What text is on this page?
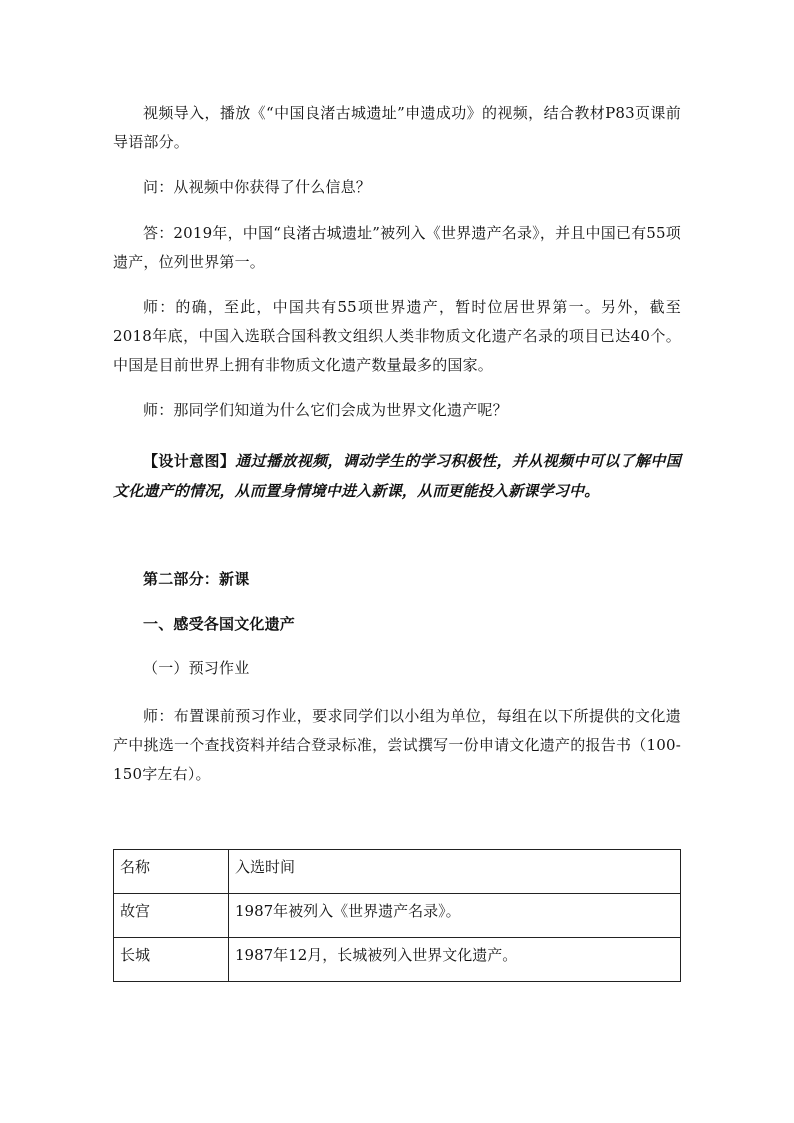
视频导入，播放《“中国良渚古城遗址”申遗成功》的视频，结合教材P83页课前导语部分。

问：从视频中你获得了什么信息？

答：2019年，中国“良渚古城遗址”被列入《世界遗产名录》，并且中国已有55项遗产，位列世界第一。

师：的确，至此，中国共有55项世界遗产，暂时位居世界第一。另外，截至2018年底，中国入选联合国科教文组织人类非物质文化遗产名录的项目已达40个。中国是目前世界上拥有非物质文化遗产数量最多的国家。

师：那同学们知道为什么它们会成为世界文化遗产呢？

【设计意图】通过播放视频，调动学生的学习积极性，并从视频中可以了解中国文化遗产的情况，从而置身情境中进入新课，从而更能投入新课学习中。

第二部分：新课

一、感受各国文化遗产

（一）预习作业

师：布置课前预习作业，要求同学们以小组为单位，每组在以下所提供的文化遗产中挑选一个查找资料并结合登录标准，尝试撰写一份申请文化遗产的报告书（100-150字左右）。

名称	入选时间
故宫	1987年被列入《世界遗产名录》。
长城	1987年12月，长城被列入世界文化遗产。
